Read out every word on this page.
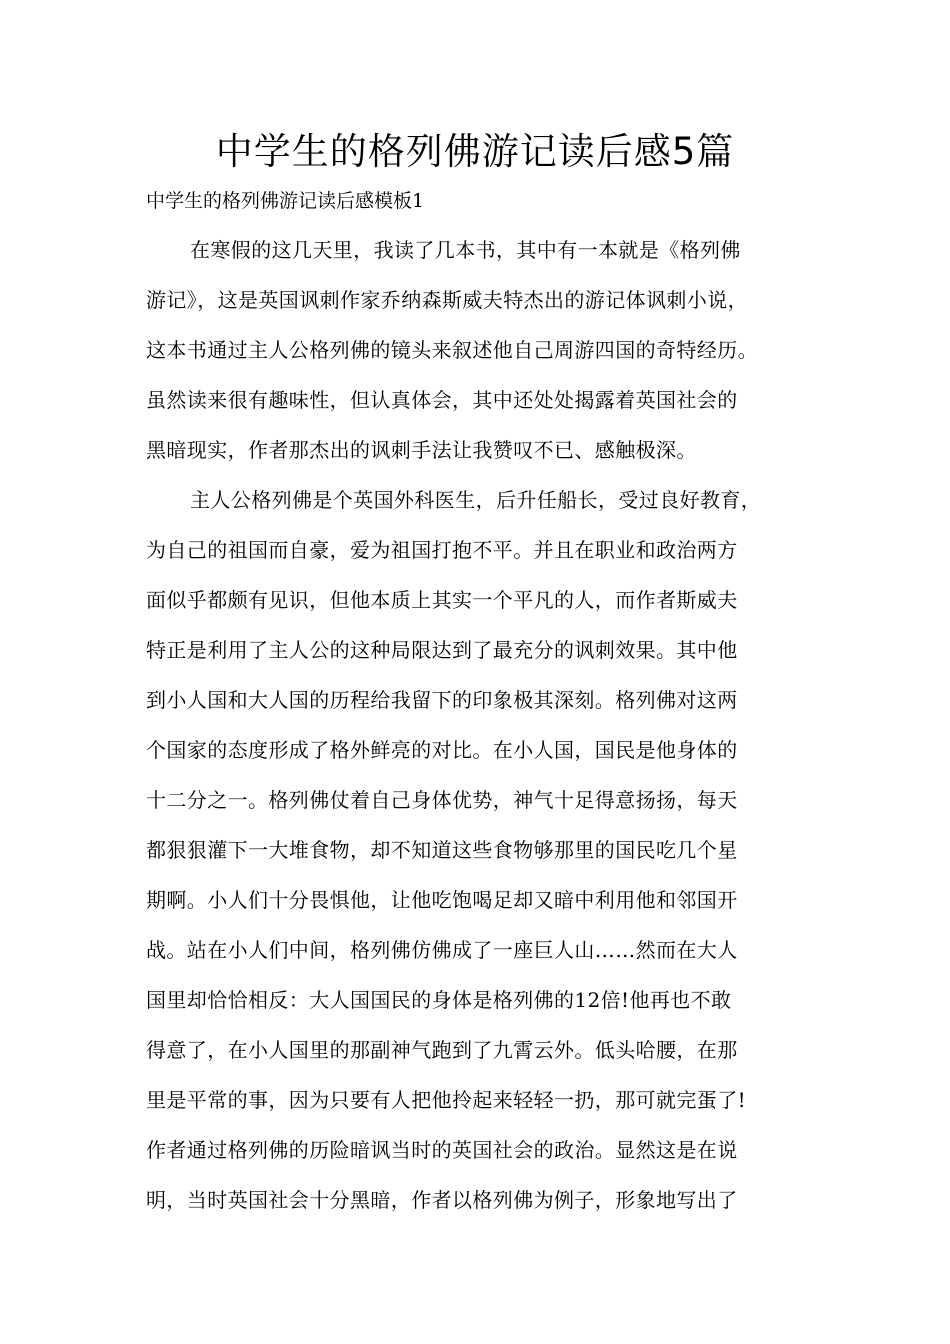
中学生的格列佛游记读后感5篇

中学生的格列佛游记读后感模板1

在寒假的这几天里，我读了几本书，其中有一本就是《格列佛
游记》，这是英国讽刺作家乔纳森斯威夫特杰出的游记体讽刺小说，
这本书通过主人公格列佛的镜头来叙述他自己周游四国的奇特经历。
虽然读来很有趣味性，但认真体会，其中还处处揭露着英国社会的
黑暗现实，作者那杰出的讽刺手法让我赞叹不已、感触极深。
主人公格列佛是个英国外科医生，后升任船长，受过良好教育，
为自己的祖国而自豪，爱为祖国打抱不平。并且在职业和政治两方
面似乎都颇有见识，但他本质上其实一个平凡的人，而作者斯威夫
特正是利用了主人公的这种局限达到了最充分的讽刺效果。其中他
到小人国和大人国的历程给我留下的印象极其深刻。格列佛对这两
个国家的态度形成了格外鲜亮的对比。在小人国，国民是他身体的
十二分之一。格列佛仗着自己身体优势，神气十足得意扬扬，每天
都狠狠灌下一大堆食物，却不知道这些食物够那里的国民吃几个星
期啊。小人们十分畏惧他，让他吃饱喝足却又暗中利用他和邻国开
战。站在小人们中间，格列佛仿佛成了一座巨人山……然而在大人
国里却恰恰相反：大人国国民的身体是格列佛的12倍!他再也不敢
得意了，在小人国里的那副神气跑到了九霄云外。低头哈腰，在那
里是平常的事，因为只要有人把他拎起来轻轻一扔，那可就完蛋了!
作者通过格列佛的历险暗讽当时的英国社会的政治。显然这是在说
明，当时英国社会十分黑暗，作者以格列佛为例子，形象地写出了
